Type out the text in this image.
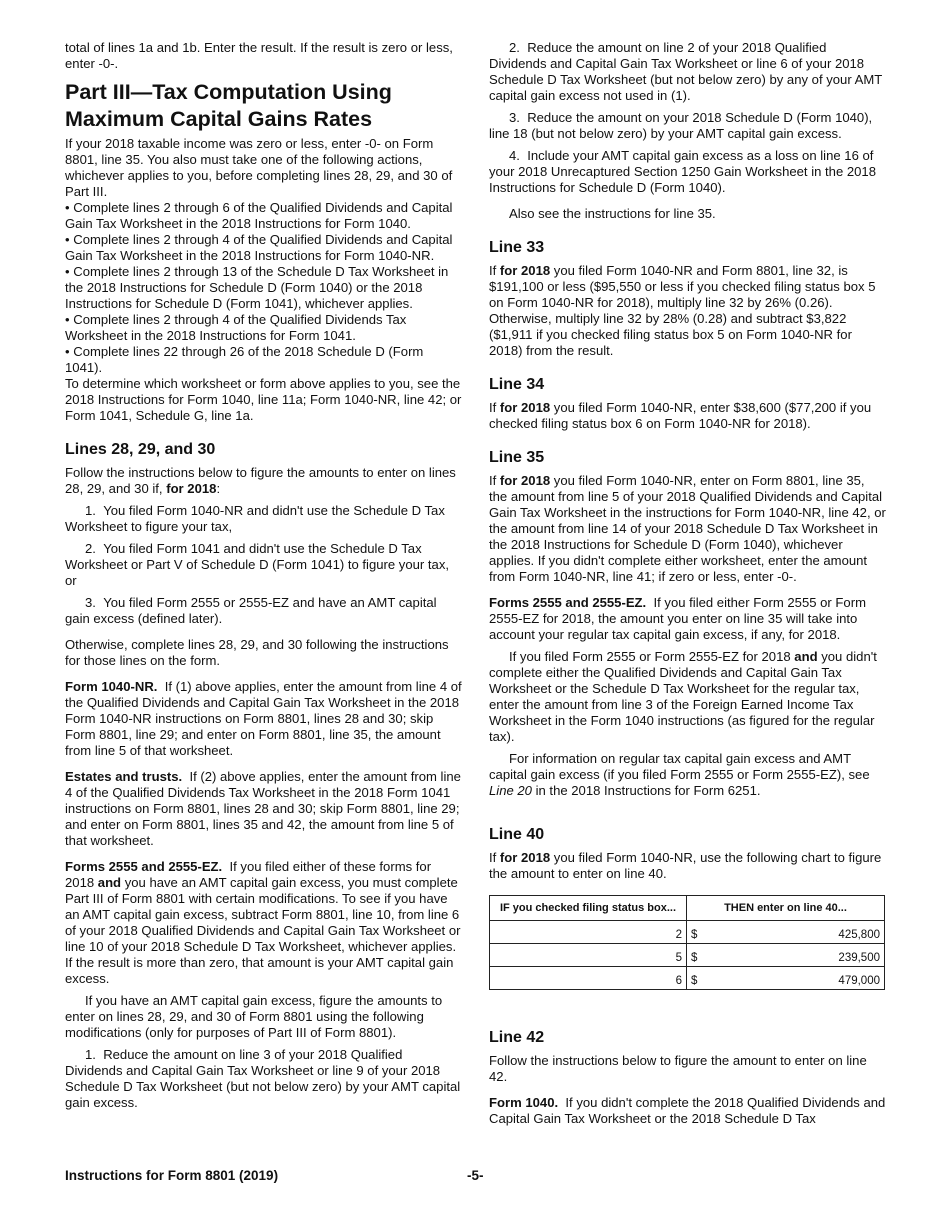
total of lines 1a and 1b. Enter the result. If the result is zero or less, enter -0-.

Part III—Tax Computation Using Maximum Capital Gains Rates

If your 2018 taxable income was zero or less, enter -0- on Form 8801, line 35. You also must take one of the following actions, whichever applies to you, before completing lines 28, 29, and 30 of Part III.

• Complete lines 2 through 6 of the Qualified Dividends and Capital Gain Tax Worksheet in the 2018 Instructions for Form 1040.

• Complete lines 2 through 4 of the Qualified Dividends and Capital Gain Tax Worksheet in the 2018 Instructions for Form 1040-NR.

• Complete lines 2 through 13 of the Schedule D Tax Worksheet in the 2018 Instructions for Schedule D (Form 1040) or the 2018 Instructions for Schedule D (Form 1041), whichever applies.

• Complete lines 2 through 4 of the Qualified Dividends Tax Worksheet in the 2018 Instructions for Form 1041.

• Complete lines 22 through 26 of the 2018 Schedule D (Form 1041).

To determine which worksheet or form above applies to you, see the 2018 Instructions for Form 1040, line 11a; Form 1040-NR, line 42; or Form 1041, Schedule G, line 1a.

Lines 28, 29, and 30

Follow the instructions below to figure the amounts to enter on lines 28, 29, and 30 if, for 2018:

1.  You filed Form 1040-NR and didn't use the Schedule D Tax Worksheet to figure your tax,

2.  You filed Form 1041 and didn't use the Schedule D Tax Worksheet or Part V of Schedule D (Form 1041) to figure your tax, or

3.  You filed Form 2555 or 2555-EZ and have an AMT capital gain excess (defined later).

Otherwise, complete lines 28, 29, and 30 following the instructions for those lines on the form.

Form 1040-NR. If (1) above applies, enter the amount from line 4 of the Qualified Dividends and Capital Gain Tax Worksheet in the 2018 Form 1040-NR instructions on Form 8801, lines 28 and 30; skip Form 8801, line 29; and enter on Form 8801, line 35, the amount from line 5 of that worksheet.

Estates and trusts. If (2) above applies, enter the amount from line 4 of the Qualified Dividends Tax Worksheet in the 2018 Form 1041 instructions on Form 8801, lines 28 and 30; skip Form 8801, line 29; and enter on Form 8801, lines 35 and 42, the amount from line 5 of that worksheet.

Forms 2555 and 2555-EZ. If you filed either of these forms for 2018 and you have an AMT capital gain excess, you must complete Part III of Form 8801 with certain modifications. To see if you have an AMT capital gain excess, subtract Form 8801, line 10, from line 6 of your 2018 Qualified Dividends and Capital Gain Tax Worksheet or line 10 of your 2018 Schedule D Tax Worksheet, whichever applies. If the result is more than zero, that amount is your AMT capital gain excess.

If you have an AMT capital gain excess, figure the amounts to enter on lines 28, 29, and 30 of Form 8801 using the following modifications (only for purposes of Part III of Form 8801).

1.  Reduce the amount on line 3 of your 2018 Qualified Dividends and Capital Gain Tax Worksheet or line 9 of your 2018 Schedule D Tax Worksheet (but not below zero) by your AMT capital gain excess.

2.  Reduce the amount on line 2 of your 2018 Qualified Dividends and Capital Gain Tax Worksheet or line 6 of your 2018 Schedule D Tax Worksheet (but not below zero) by any of your AMT capital gain excess not used in (1).

3.  Reduce the amount on your 2018 Schedule D (Form 1040), line 18 (but not below zero) by your AMT capital gain excess.

4.  Include your AMT capital gain excess as a loss on line 16 of your 2018 Unrecaptured Section 1250 Gain Worksheet in the 2018 Instructions for Schedule D (Form 1040).

Also see the instructions for line 35.

Line 33

If for 2018 you filed Form 1040-NR and Form 8801, line 32, is $191,100 or less ($95,550 or less if you checked filing status box 5 on Form 1040-NR for 2018), multiply line 32 by 26% (0.26). Otherwise, multiply line 32 by 28% (0.28) and subtract $3,822 ($1,911 if you checked filing status box 5 on Form 1040-NR for 2018) from the result.

Line 34

If for 2018 you filed Form 1040-NR, enter $38,600 ($77,200 if you checked filing status box 6 on Form 1040-NR for 2018).

Line 35

If for 2018 you filed Form 1040-NR, enter on Form 8801, line 35, the amount from line 5 of your 2018 Qualified Dividends and Capital Gain Tax Worksheet in the instructions for Form 1040-NR, line 42, or the amount from line 14 of your 2018 Schedule D Tax Worksheet in the 2018 Instructions for Schedule D (Form 1040), whichever applies. If you didn't complete either worksheet, enter the amount from Form 1040-NR, line 41; if zero or less, enter -0-.

Forms 2555 and 2555-EZ. If you filed either Form 2555 or Form 2555-EZ for 2018, the amount you enter on line 35 will take into account your regular tax capital gain excess, if any, for 2018.

If you filed Form 2555 or Form 2555-EZ for 2018 and you didn't complete either the Qualified Dividends and Capital Gain Tax Worksheet or the Schedule D Tax Worksheet for the regular tax, enter the amount from line 3 of the Foreign Earned Income Tax Worksheet in the Form 1040 instructions (as figured for the regular tax).

For information on regular tax capital gain excess and AMT capital gain excess (if you filed Form 2555 or Form 2555-EZ), see Line 20 in the 2018 Instructions for Form 6251.

Line 40

If for 2018 you filed Form 1040-NR, use the following chart to figure the amount to enter on line 40.

IF you checked filing status box...	THEN enter on line 40...
2	$ 425,800
5	$ 239,500
6	$ 479,000
Line 42

Follow the instructions below to figure the amount to enter on line 42.

Form 1040. If you didn't complete the 2018 Qualified Dividends and Capital Gain Tax Worksheet or the 2018 Schedule D Tax

Instructions for Form 8801 (2019)	-5-
